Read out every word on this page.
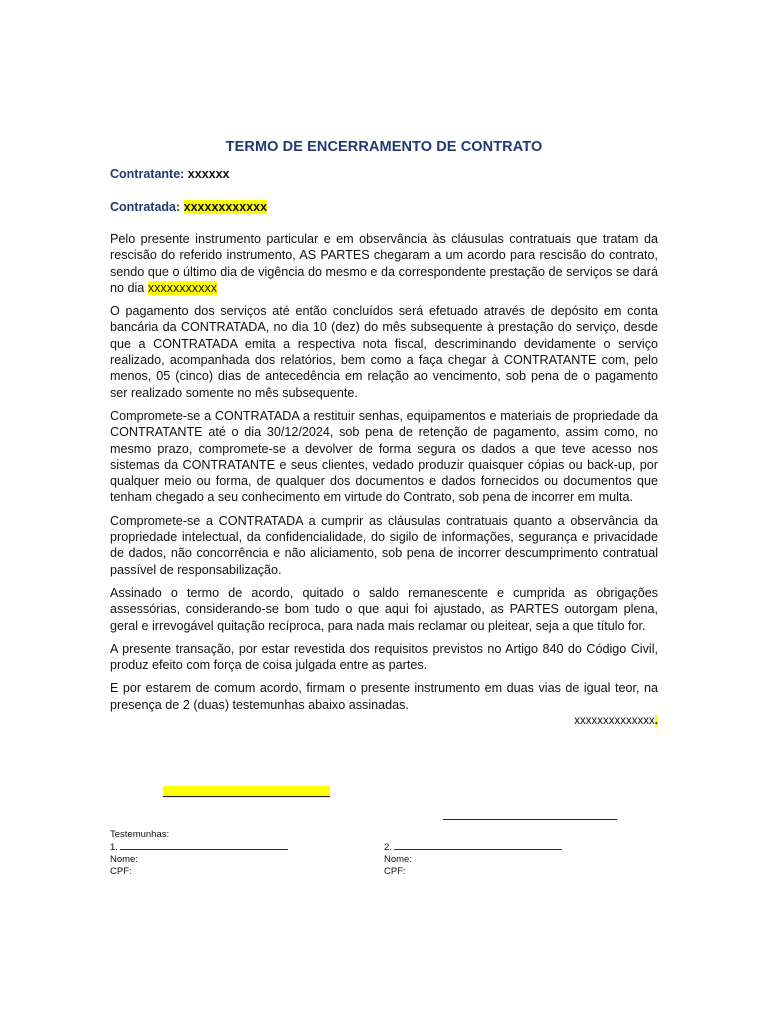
TERMO DE ENCERRAMENTO DE CONTRATO
Contratante: xxxxxx
Contratada: xxxxxxxxxxxx

Pelo presente instrumento particular e em observância às cláusulas contratuais que tratam da rescisão do referido instrumento, AS PARTES chegaram a um acordo para rescisão do contrato, sendo que o último dia de vigência do mesmo e da correspondente prestação de serviços se dará no dia xxxxxxxxxxx

O pagamento dos serviços até então concluídos será efetuado através de depósito em conta bancária da CONTRATADA, no dia 10 (dez) do mês subsequente à prestação do serviço, desde que a CONTRATADA emita a respectiva nota fiscal, descriminando devidamente o serviço realizado, acompanhada dos relatórios, bem como a faça chegar à CONTRATANTE com, pelo menos, 05 (cinco) dias de antecedência em relação ao vencimento, sob pena de o pagamento ser realizado somente no mês subsequente.

Compromete-se a CONTRATADA a restituir senhas, equipamentos e materiais de propriedade da CONTRATANTE até o dia 30/12/2024, sob pena de retenção de pagamento, assim como, no mesmo prazo, compromete-se a devolver de forma segura os dados a que teve acesso nos sistemas da CONTRATANTE e seus clientes, vedado produzir quaisquer cópias ou back-up, por qualquer meio ou forma, de qualquer dos documentos e dados fornecidos ou documentos que tenham chegado a seu conhecimento em virtude do Contrato, sob pena de incorrer em multa.

Compromete-se a CONTRATADA a cumprir as cláusulas contratuais quanto a observância da propriedade intelectual, da confidencialidade, do sigilo de informações, segurança e privacidade de dados, não concorrência e não aliciamento, sob pena de incorrer descumprimento contratual passível de responsabilização.

Assinado o termo de acordo, quitado o saldo remanescente e cumprida as obrigações assessórias, considerando-se bom tudo o que aqui foi ajustado, as PARTES outorgam plena, geral e irrevogável quitação recíproca, para nada mais reclamar ou pleitear, seja a que título for.

A presente transação, por estar revestida dos requisitos previstos no Artigo 840 do Código Civil, produz efeito com força de coisa julgada entre as partes.

E por estarem de comum acordo, firmam o presente instrumento em duas vias de igual teor, na presença de 2 (duas) testemunhas abaixo assinadas.

xxxxxxxxxxxxxx.
Testemunhas:
1.
Nome:
CPF:
2.
Nome:
CPF:
